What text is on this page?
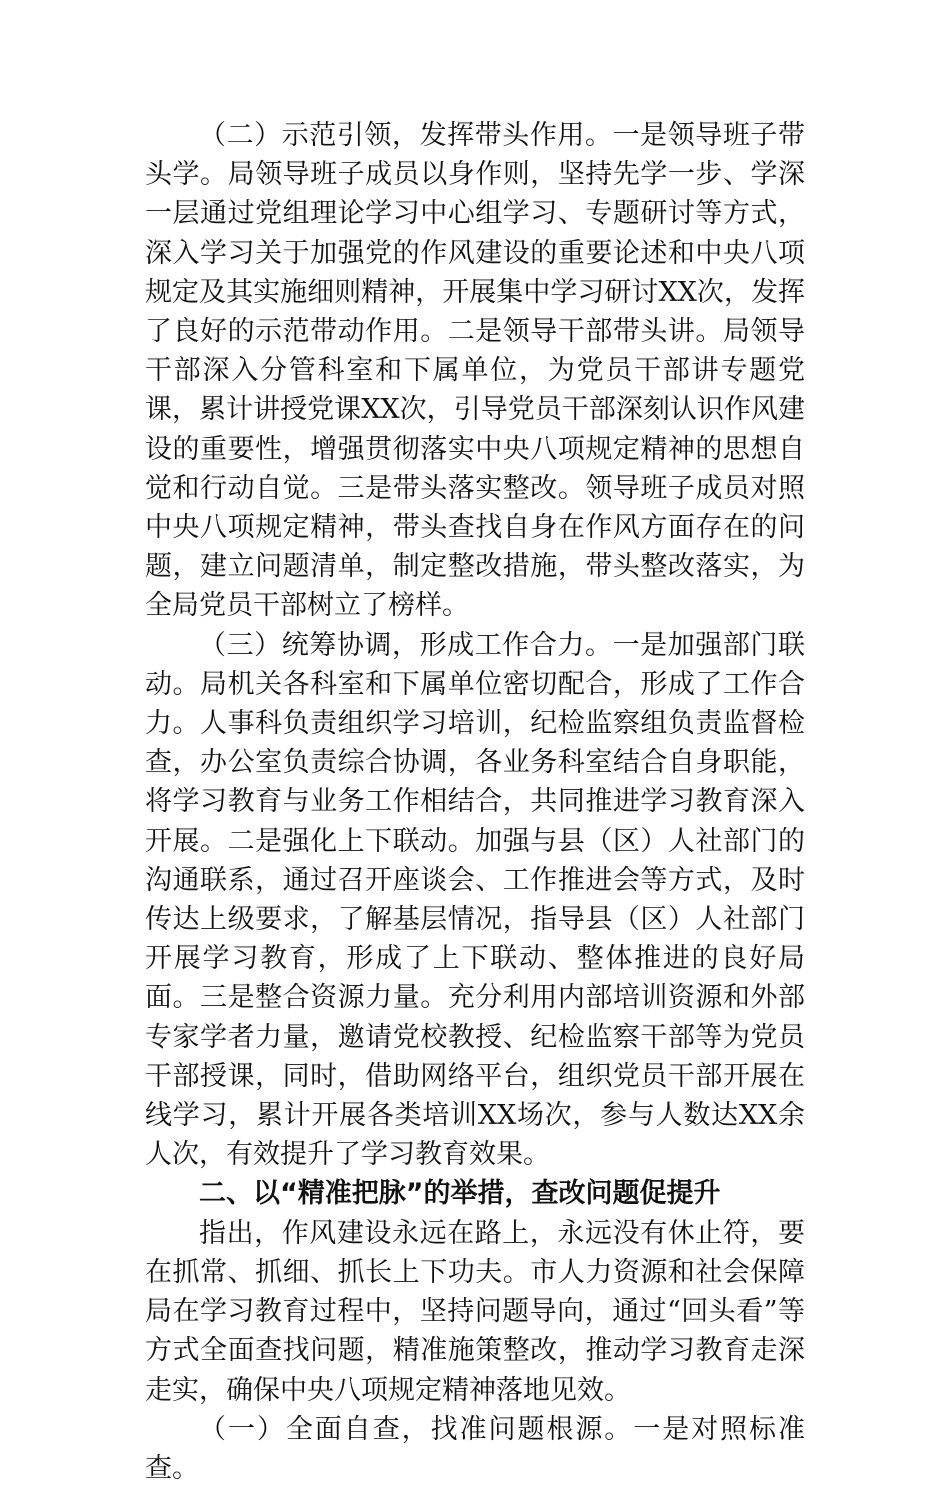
（二）示范引领，发挥带头作用。一是领导班子带头学。局领导班子成员以身作则，坚持先学一步、学深一层通过党组理论学习中心组学习、专题研讨等方式，深入学习关于加强党的作风建设的重要论述和中央八项规定及其实施细则精神，开展集中学习研讨XX次，发挥了良好的示范带动作用。二是领导干部带头讲。局领导干部深入分管科室和下属单位，为党员干部讲专题党课，累计讲授党课XX次，引导党员干部深刻认识作风建设的重要性，增强贯彻落实中央八项规定精神的思想自觉和行动自觉。三是带头落实整改。领导班子成员对照中央八项规定精神，带头查找自身在作风方面存在的问题，建立问题清单，制定整改措施，带头整改落实，为全局党员干部树立了榜样。

（三）统筹协调，形成工作合力。一是加强部门联动。局机关各科室和下属单位密切配合，形成了工作合力。人事科负责组织学习培训，纪检监察组负责监督检查，办公室负责综合协调，各业务科室结合自身职能，将学习教育与业务工作相结合，共同推进学习教育深入开展。二是强化上下联动。加强与县（区）人社部门的沟通联系，通过召开座谈会、工作推进会等方式，及时传达上级要求，了解基层情况，指导县（区）人社部门开展学习教育，形成了上下联动、整体推进的良好局面。三是整合资源力量。充分利用内部培训资源和外部专家学者力量，邀请党校教授、纪检监察干部等为党员干部授课，同时，借助网络平台，组织党员干部开展在线学习，累计开展各类培训XX场次，参与人数达XX余人次，有效提升了学习教育效果。

二、以“精准把脉”的举措，查改问题促提升

指出，作风建设永远在路上，永远没有休止符，要在抓常、抓细、抓长上下功夫。市人力资源和社会保障局在学习教育过程中，坚持问题导向，通过“回头看”等方式全面查找问题，精准施策整改，推动学习教育走深走实，确保中央八项规定精神落地见效。

（一）全面自查，找准问题根源。一是对照标准查。
